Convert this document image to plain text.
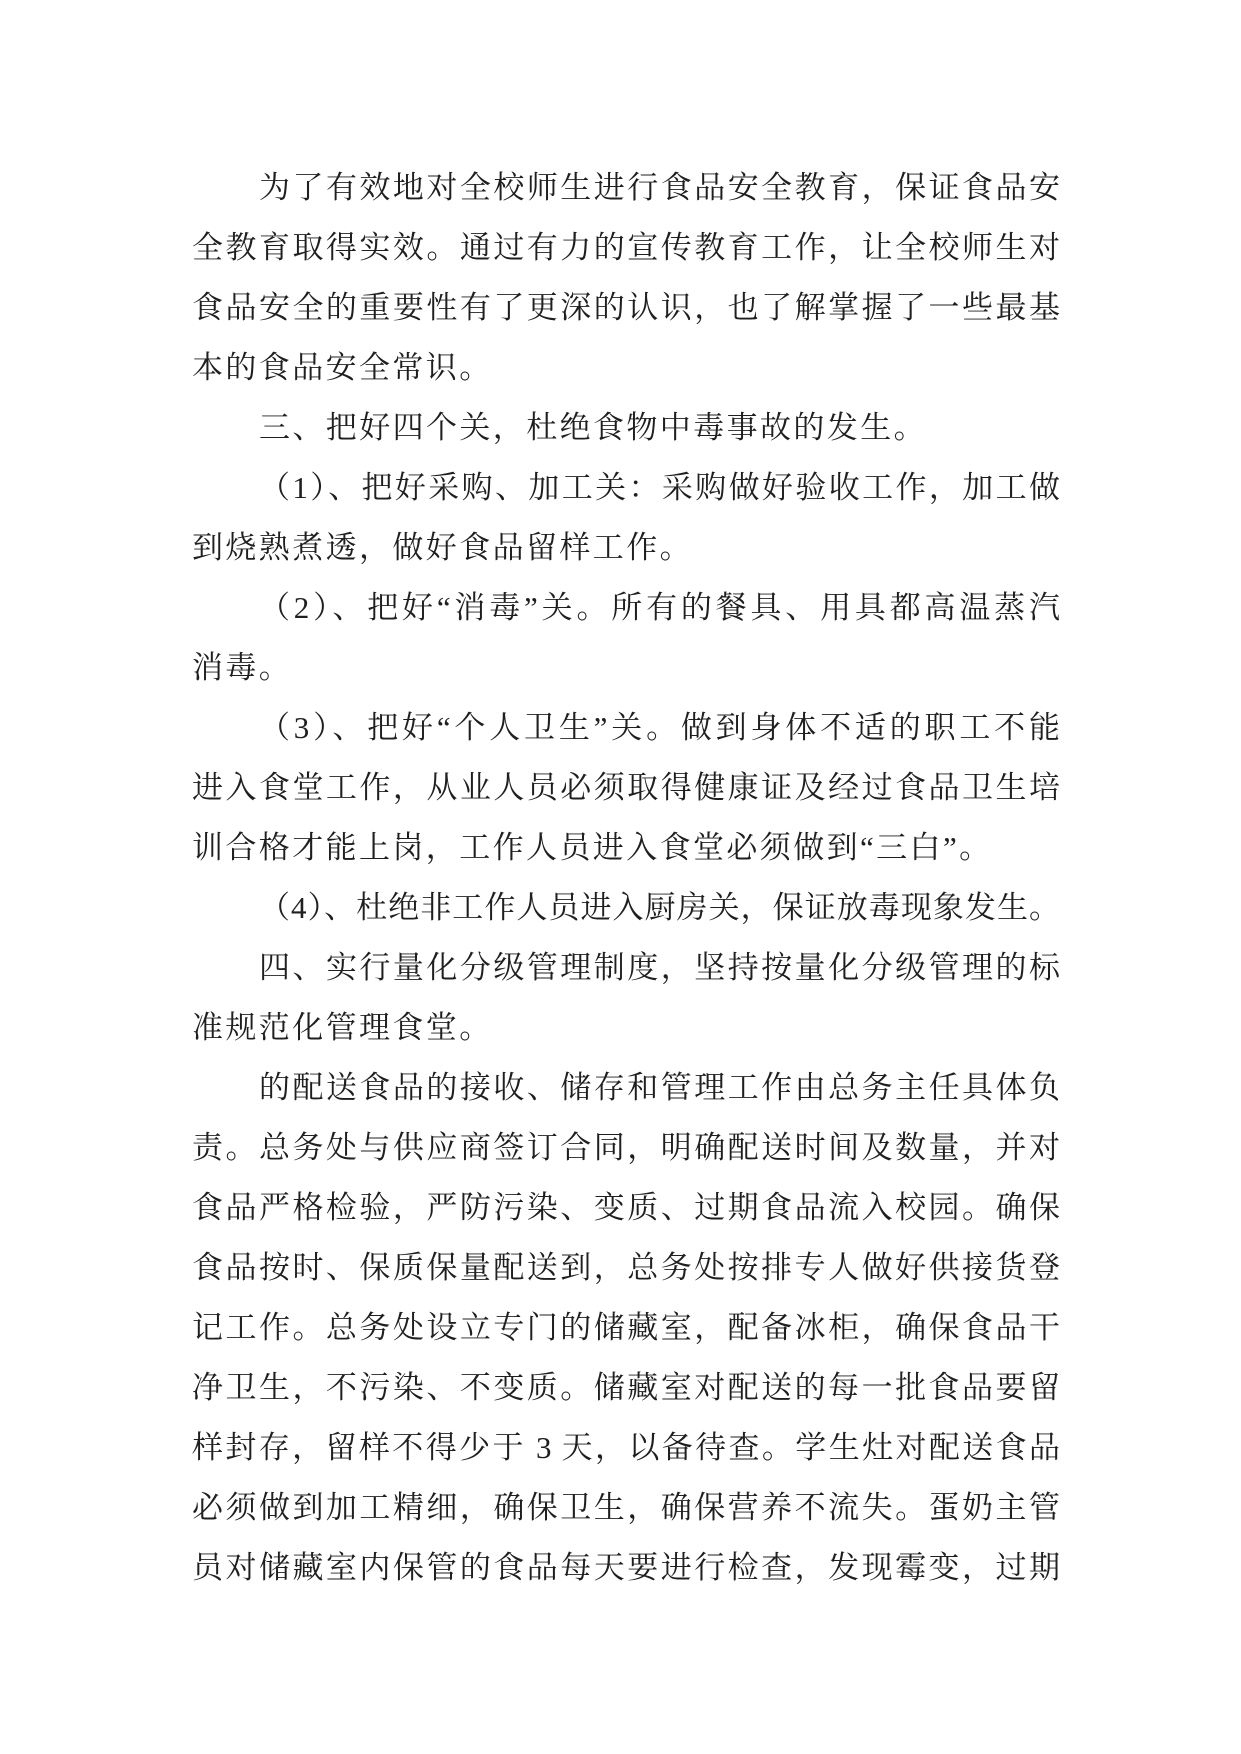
为了有效地对全校师生进行食品安全教育，保证食品安
全教育取得实效。通过有力的宣传教育工作，让全校师生对
食品安全的重要性有了更深的认识，也了解掌握了一些最基
本的食品安全常识。
三、把好四个关，杜绝食物中毒事故的发生。
（1）、把好采购、加工关：采购做好验收工作，加工做
到烧熟煮透，做好食品留样工作。
（2）、把好“消毒”关。所有的餐具、用具都高温蒸汽
消毒。
（3）、把好“个人卫生”关。做到身体不适的职工不能
进入食堂工作，从业人员必须取得健康证及经过食品卫生培
训合格才能上岗，工作人员进入食堂必须做到“三白”。
（4）、杜绝非工作人员进入厨房关，保证放毒现象发生。
四、实行量化分级管理制度，坚持按量化分级管理的标
准规范化管理食堂。
的配送食品的接收、储存和管理工作由总务主任具体负
责。总务处与供应商签订合同，明确配送时间及数量，并对
食品严格检验，严防污染、变质、过期食品流入校园。确保
食品按时、保质保量配送到，总务处按排专人做好供接货登
记工作。总务处设立专门的储藏室，配备冰柜，确保食品干
净卫生，不污染、不变质。储藏室对配送的每一批食品要留
样封存，留样不得少于 3 天，以备待查。学生灶对配送食品
必须做到加工精细，确保卫生，确保营养不流失。蛋奶主管
员对储藏室内保管的食品每天要进行检查，发现霉变，过期
